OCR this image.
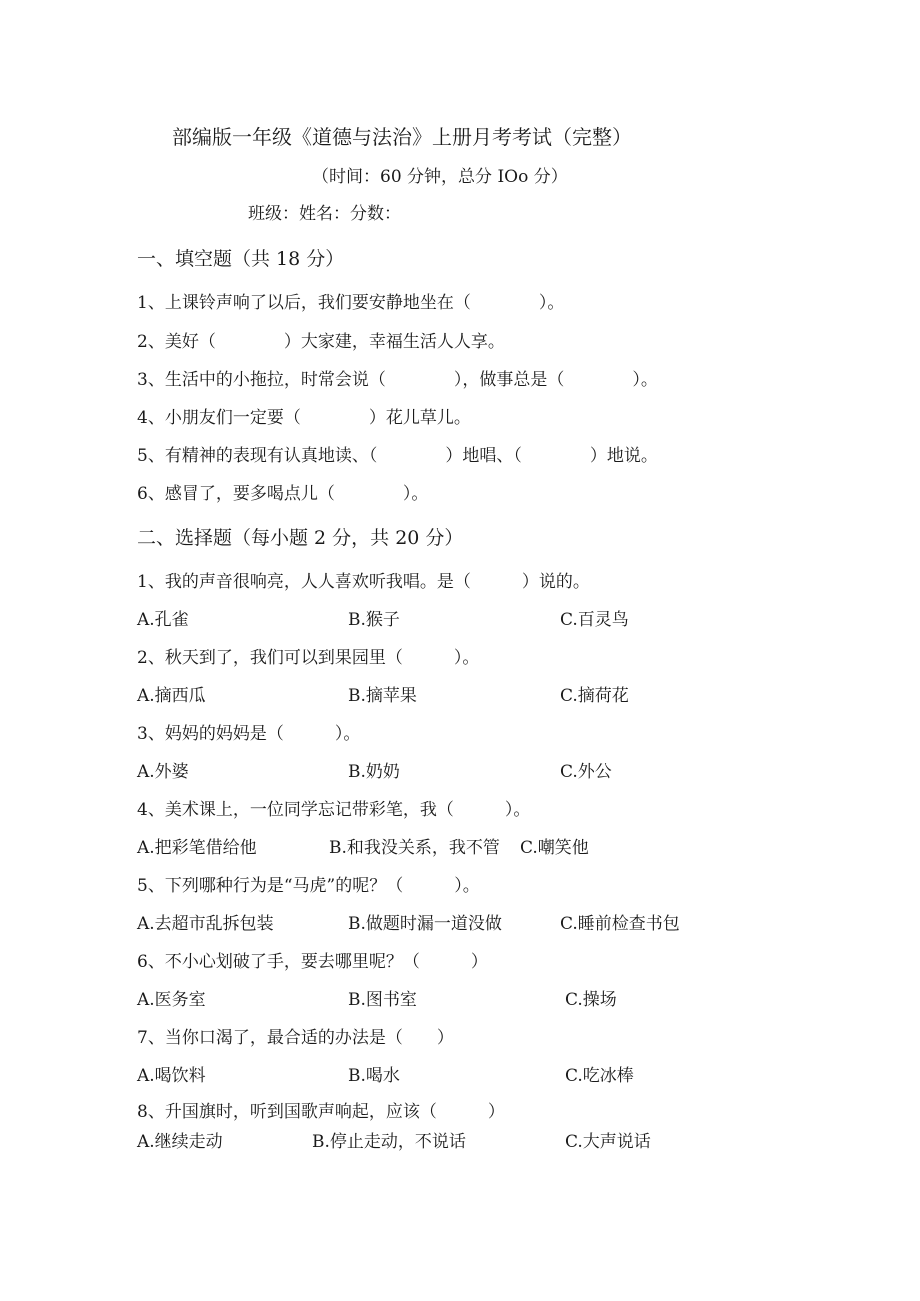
部编版一年级《道德与法治》上册月考考试（完整）
（时间：60 分钟，总分 IOo 分）
班级：姓名：分数：
一、填空题（共 18 分）
1、上课铃声响了以后，我们要安静地坐在（　　　　）。
2、美好（　　　　）大家建，幸福生活人人享。
3、生活中的小拖拉，时常会说（　　　　），做事总是（　　　　）。
4、小朋友们一定要（　　　　）花儿草儿。
5、有精神的表现有认真地读、（　　　　）地唱、（　　　　）地说。
6、感冒了，要多喝点儿（　　　　）。
二、选择题（每小题 2 分，共 20 分）
1、我的声音很响亮，人人喜欢听我唱。是（　　　）说的。
A.孔雀	B.猴子	C.百灵鸟
2、秋天到了，我们可以到果园里（　　　）。
A.摘西瓜	B.摘苹果	C.摘荷花
3、妈妈的妈妈是（　　　）。
A.外婆	B.奶奶	C.外公
4、美术课上，一位同学忘记带彩笔，我（　　　）。
A.把彩笔借给他	B.和我没关系，我不管 C.嘲笑他
5、下列哪种行为是“马虎”的呢？（　　　）。
A.去超市乱拆包装	B.做题时漏一道没做	C.睡前检查书包
6、不小心划破了手，要去哪里呢？（　　　）
A.医务室	B.图书室	C.操场
7、当你口渴了，最合适的办法是（　　）
A.喝饮料	B.喝水	C.吃冰棒
8、升国旗时，听到国歌声响起，应该（　　　）
A.继续走动	B.停止走动，不说话	C.大声说话
